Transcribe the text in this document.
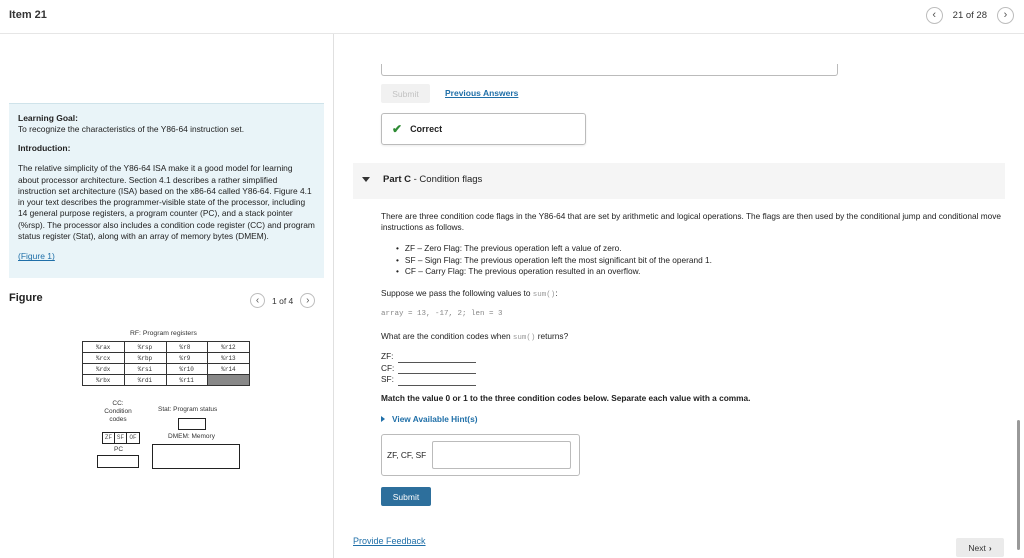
Item 21	‹ 21 of 28 ›
Learning Goal:
To recognize the characteristics of the Y86-64 instruction set.
Introduction:
The relative simplicity of the Y86-64 ISA make it a good model for learning about processor architecture. Section 4.1 describes a rather simplified instruction set architecture (ISA) based on the x86-64 called Y86-64. Figure 4.1 in your text describes the programmer-visible state of the processor, including 14 general purpose registers, a program counter (PC), and a stack pointer (%rsp). The processor also includes a condition code register (CC) and program status register (Stat), along with an array of memory bytes (DMEM).
(Figure 1)
Figure	‹ 1 of 4 ›
RF: Program registers
%rax	%rsp	%r8	%r12
%rcx	%rbp	%r9	%r13
%rdx	%rsi	%r10	%r14
%rbx	%rdi	%r11	
CC: Condition codes
Stat: Program status
ZF SF OF	DMEM: Memory
PC
Submit	Previous Answers
✔ Correct
Part C - Condition flags
There are three condition code flags in the Y86-64 that are set by arithmetic and logical operations. The flags are then used by the conditional jump and conditional move instructions as follows.
• ZF – Zero Flag: The previous operation left a value of zero.
• SF – Sign Flag: The previous operation left the most significant bit of the operand 1.
• CF – Carry Flag: The previous operation resulted in an overflow.
Suppose we pass the following values to sum():
array = 13, -17, 2; len = 3
What are the condition codes when sum() returns?
ZF:
CF:
SF:
Match the value 0 or 1 to the three condition codes below. Separate each value with a comma.
View Available Hint(s)
ZF, CF, SF
Submit
Provide Feedback
Next ›
